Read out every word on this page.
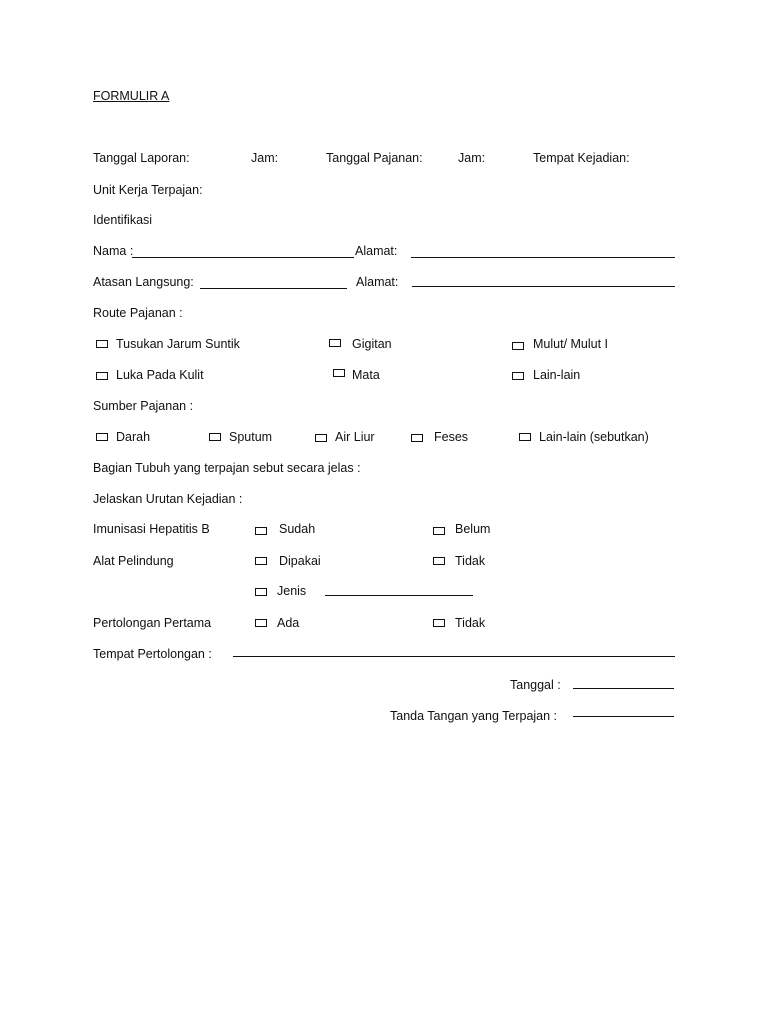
FORMULIR A
Tanggal Laporan:	Jam:	Tanggal Pajanan:	Jam:	Tempat Kejadian:
Unit Kerja Terpajan:
Identifikasi
Nama :	Alamat:
Atasan Langsung:	Alamat:
Route Pajanan :
Tusukan Jarum Suntik	Gigitan	Mulut/ Mulut I
Luka Pada Kulit	Mata	Lain-lain
Sumber Pajanan :
Darah	Sputum	Air Liur	Feses	Lain-lain (sebutkan)
Bagian Tubuh yang terpajan sebut secara jelas :
Jelaskan Urutan Kejadian :
Imunisasi Hepatitis B	Sudah	Belum
Alat Pelindung	Dipakai	Tidak
Jenis
Pertolongan Pertama	Ada	Tidak
Tempat Pertolongan :
Tanggal :
Tanda Tangan yang Terpajan :
